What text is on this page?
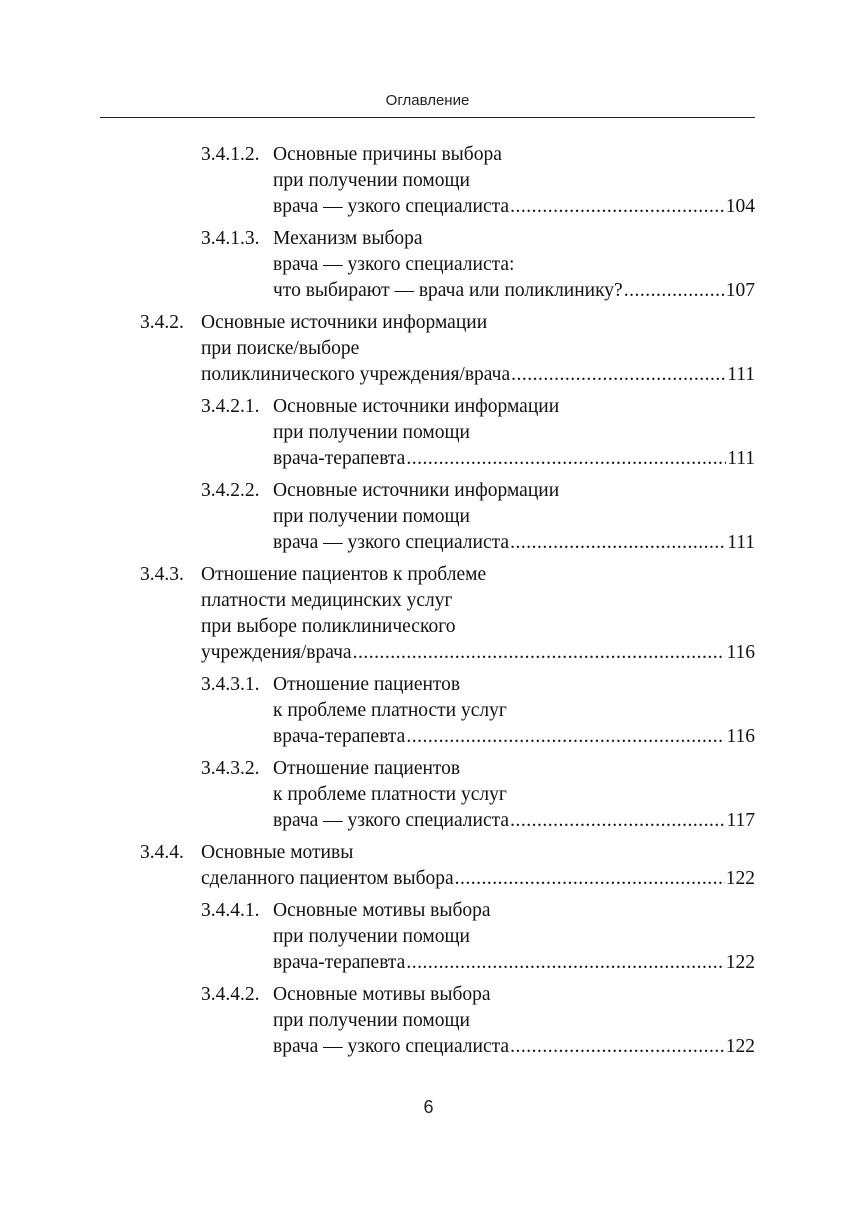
Оглавление
3.4.1.2. Основные причины выбора
при получении помощи
врача — узкого специалиста .....	104
3.4.1.3. Механизм выбора
врача — узкого специалиста:
что выбирают — врача или поликлинику? .....	107
3.4.2. Основные источники информации
при поиске/выборе
поликлинического учреждения/врача .....	111
3.4.2.1. Основные источники информации
при получении помощи
врача-терапевта .....	111
3.4.2.2. Основные источники информации
при получении помощи
врача — узкого специалиста .....	111
3.4.3. Отношение пациентов к проблеме
платности медицинских услуг
при выборе поликлинического
учреждения/врача .....	116
3.4.3.1. Отношение пациентов
к проблеме платности услуг
врача-терапевта .....	116
3.4.3.2. Отношение пациентов
к проблеме платности услуг
врача — узкого специалиста .....	117
3.4.4. Основные мотивы
сделанного пациентом выбора .....	122
3.4.4.1. Основные мотивы выбора
при получении помощи
врача-терапевта .....	122
3.4.4.2. Основные мотивы выбора
при получении помощи
врача — узкого специалиста .....	122
6
